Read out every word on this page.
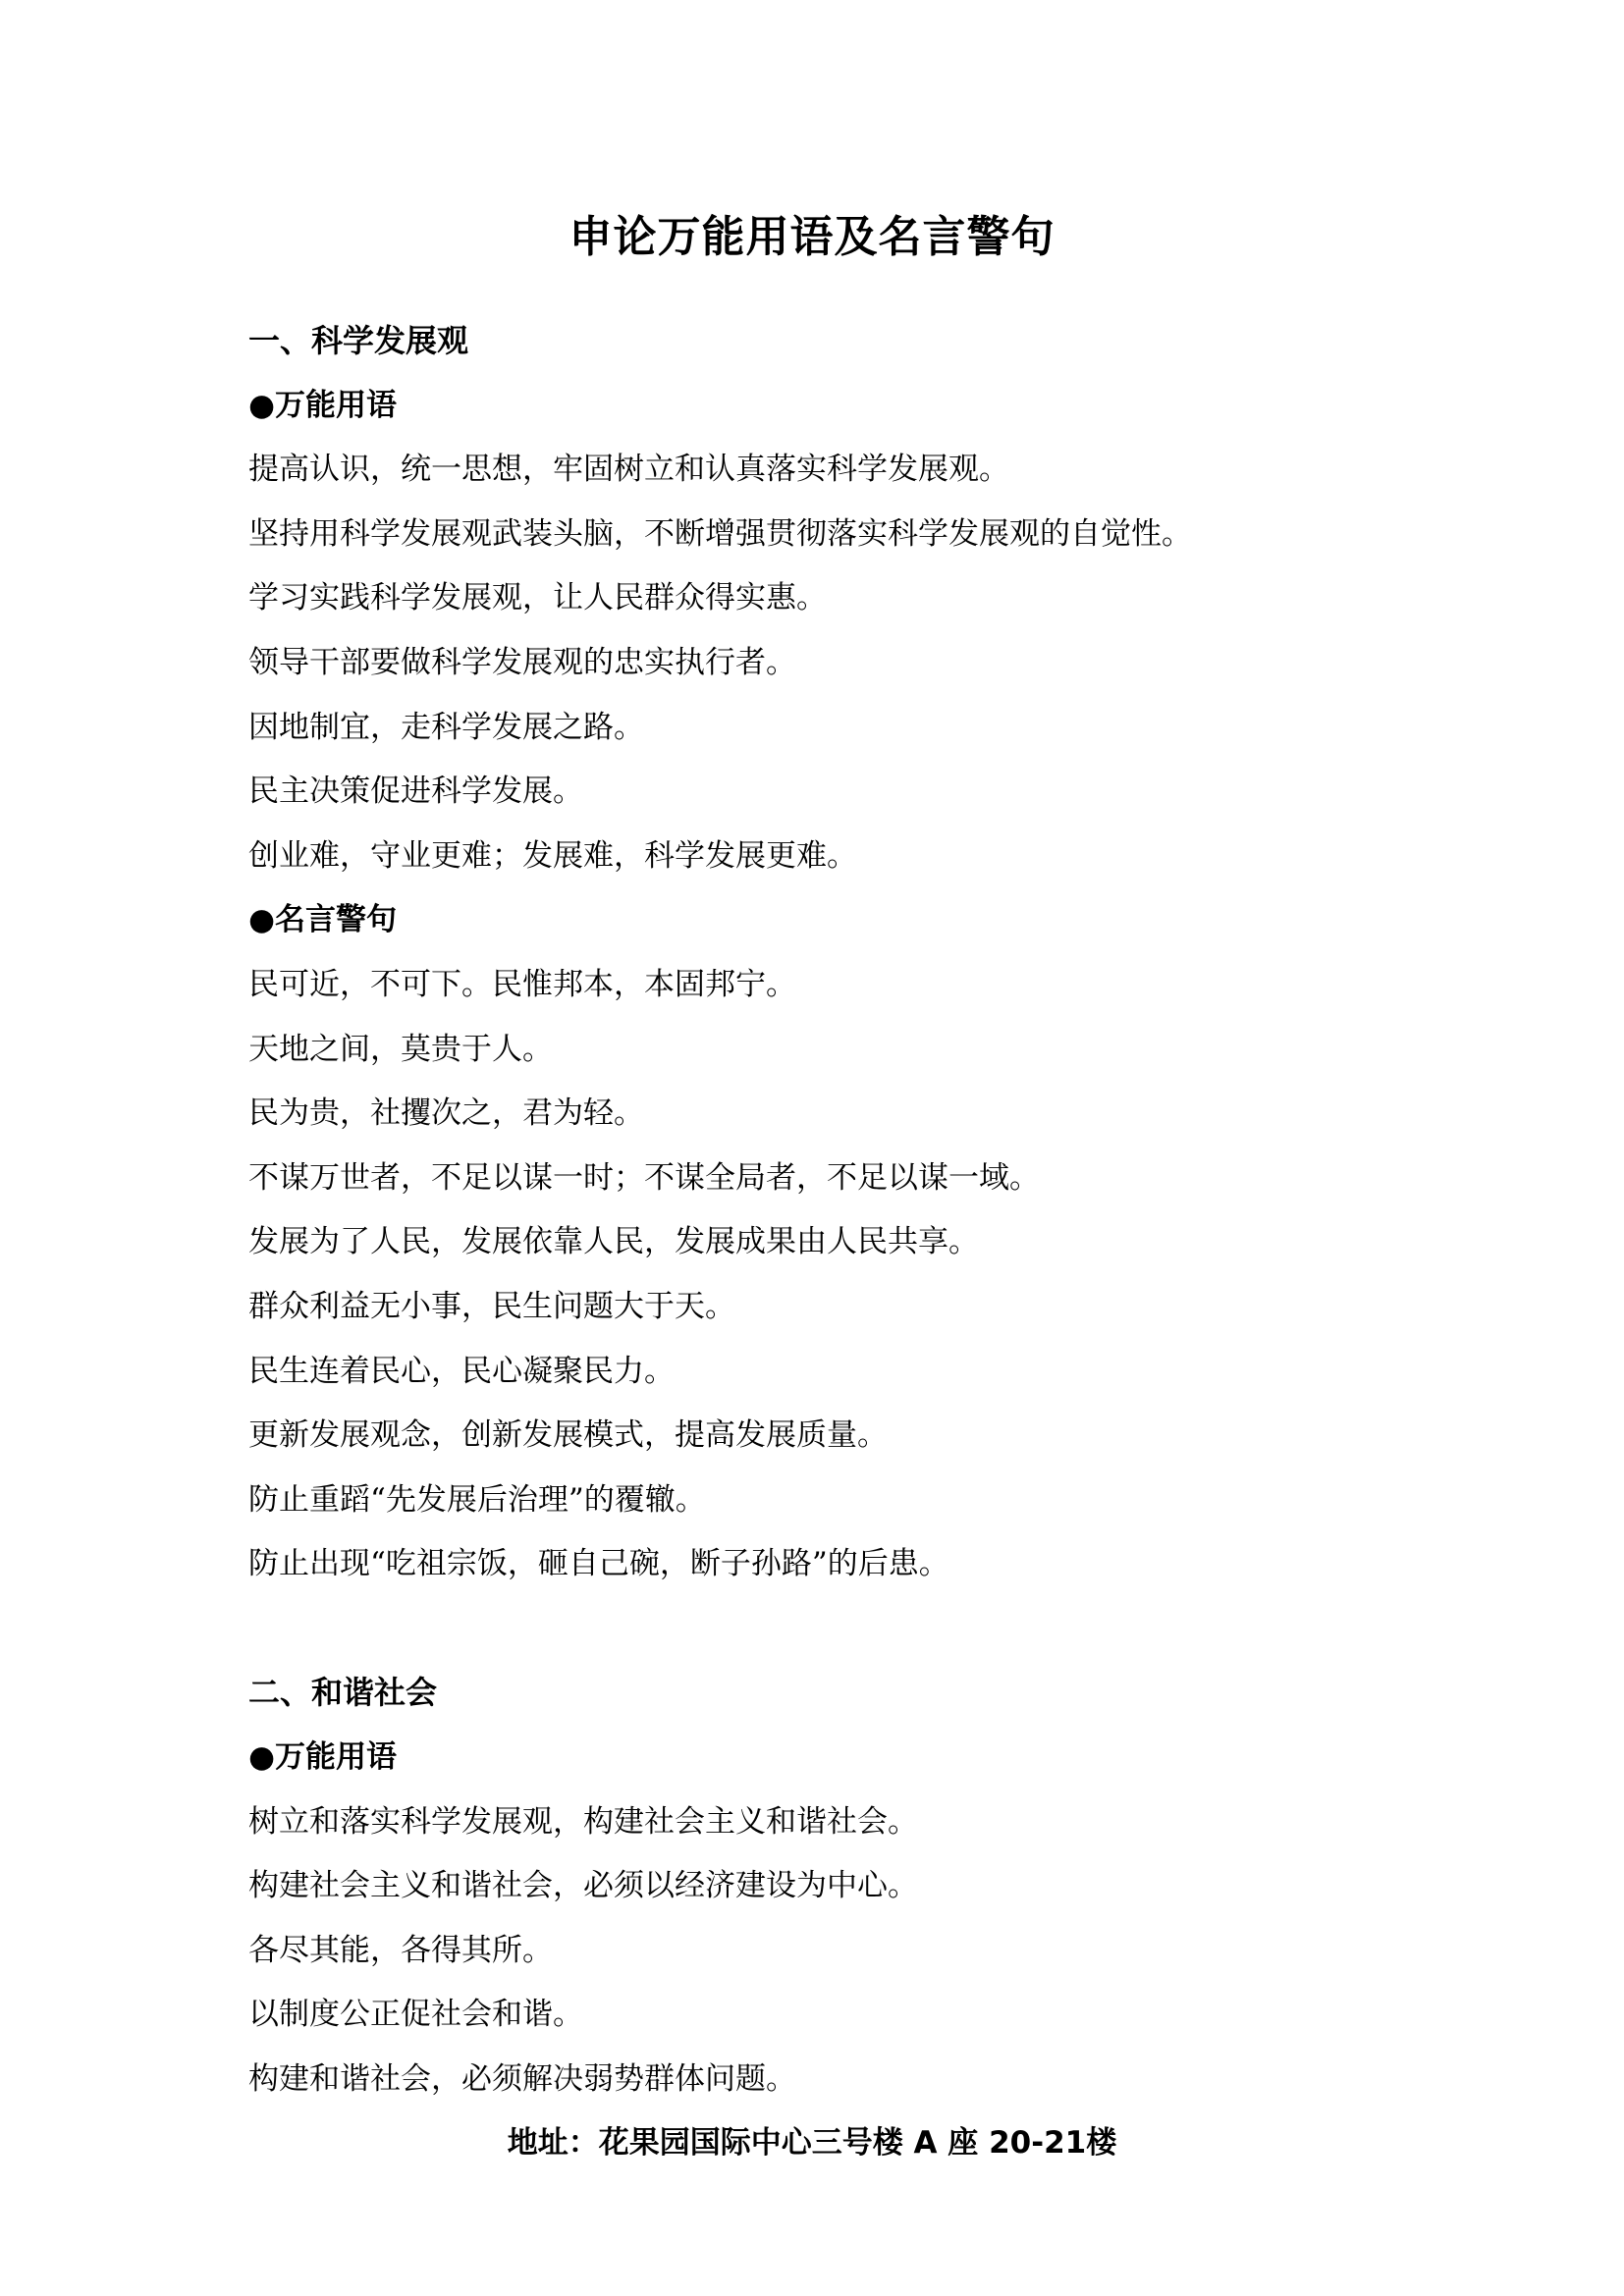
申论万能用语及名言警句
一、科学发展观
●万能用语
提高认识，统一思想，牢固树立和认真落实科学发展观。
坚持用科学发展观武装头脑，不断增强贯彻落实科学发展观的自觉性。
学习实践科学发展观，让人民群众得实惠。
领导干部要做科学发展观的忠实执行者。
因地制宜，走科学发展之路。
民主决策促进科学发展。
创业难，守业更难；发展难，科学发展更难。
●名言警句
民可近，不可下。民惟邦本，本固邦宁。
天地之间，莫贵于人。
民为贵，社攫次之，君为轻。
不谋万世者，不足以谋一时；不谋全局者，不足以谋一域。
发展为了人民，发展依靠人民，发展成果由人民共享。
群众利益无小事，民生问题大于天。
民生连着民心，民心凝聚民力。
更新发展观念，创新发展模式，提高发展质量。
防止重蹈“先发展后治理”的覆辙。
防止出现“吃祖宗饭，砸自己碗，断子孙路”的后患。
二、和谐社会
●万能用语
树立和落实科学发展观，构建社会主义和谐社会。
构建社会主义和谐社会，必须以经济建设为中心。
各尽其能，各得其所。
以制度公正促社会和谐。
构建和谐社会，必须解决弱势群体问题。
地址：花果园国际中心三号楼 A 座 20-21楼
